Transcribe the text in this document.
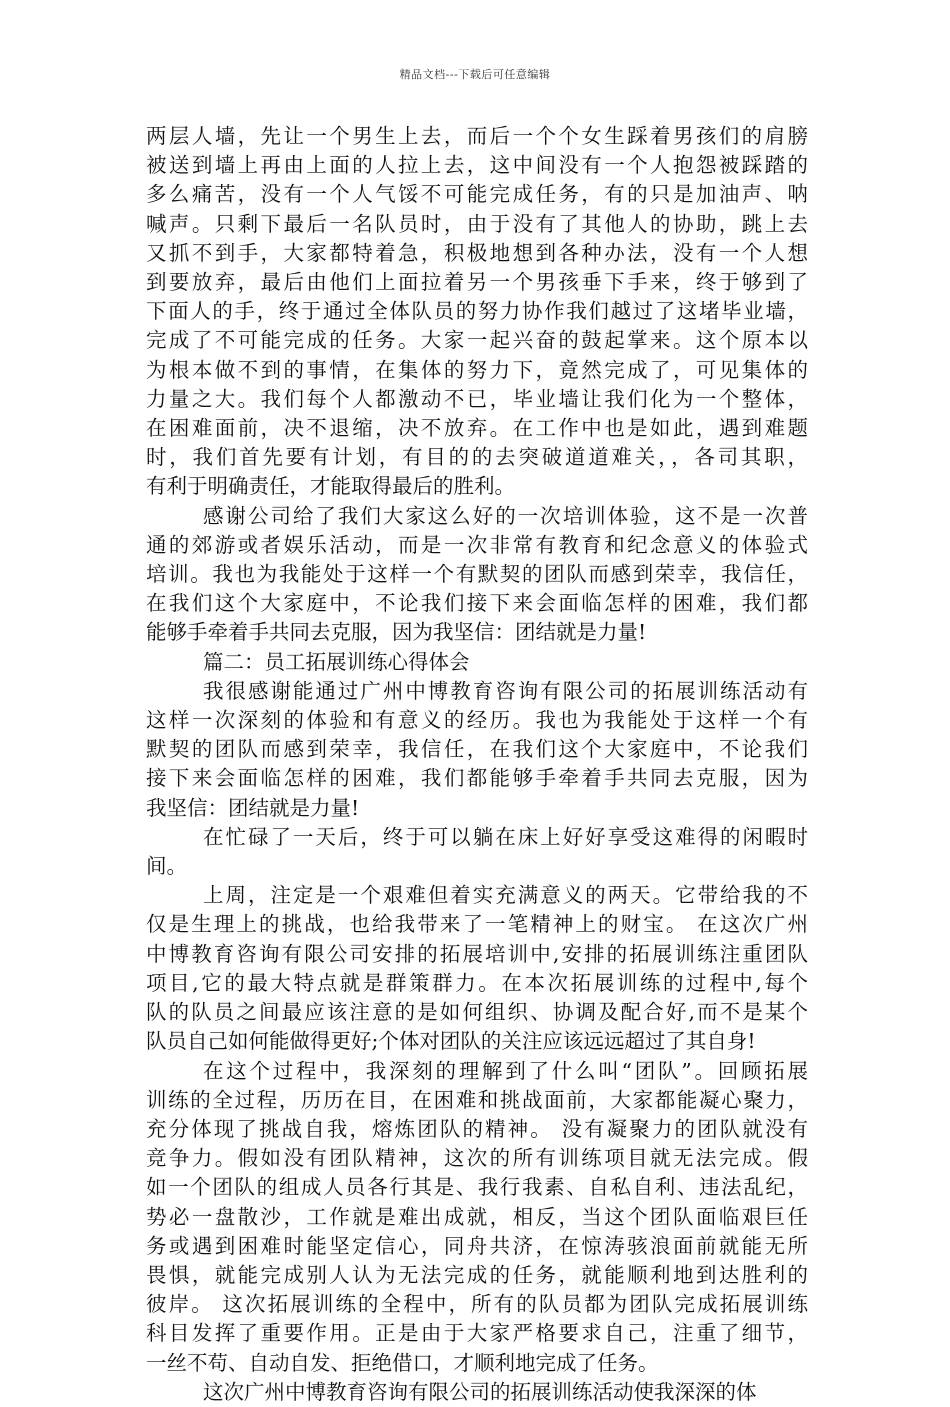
精品文档---下载后可任意编辑
两层人墙，先让一个男生上去，而后一个个女生踩着男孩们的肩膀
被送到墙上再由上面的人拉上去，这中间没有一个人抱怨被踩踏的
多么痛苦，没有一个人气馁不可能完成任务，有的只是加油声、呐
喊声。只剩下最后一名队员时，由于没有了其他人的协助，跳上去
又抓不到手，大家都特着急，积极地想到各种办法，没有一个人想
到要放弃，最后由他们上面拉着另一个男孩垂下手来，终于够到了
下面人的手，终于通过全体队员的努力协作我们越过了这堵毕业墙，
完成了不可能完成的任务。大家一起兴奋的鼓起掌来。这个原本以
为根本做不到的事情，在集体的努力下，竟然完成了，可见集体的
力量之大。我们每个人都激动不已，毕业墙让我们化为一个整体，
在困难面前，决不退缩，决不放弃。在工作中也是如此，遇到难题
时，我们首先要有计划，有目的的去突破道道难关，，各司其职，
有利于明确责任，才能取得最后的胜利。
感谢公司给了我们大家这么好的一次培训体验，这不是一次普
通的郊游或者娱乐活动，而是一次非常有教育和纪念意义的体验式
培训。我也为我能处于这样一个有默契的团队而感到荣幸，我信任，
在我们这个大家庭中，不论我们接下来会面临怎样的困难，我们都
能够手牵着手共同去克服，因为我坚信：团结就是力量!
篇二：员工拓展训练心得体会
我很感谢能通过广州中博教育咨询有限公司的拓展训练活动有
这样一次深刻的体验和有意义的经历。我也为我能处于这样一个有
默契的团队而感到荣幸，我信任，在我们这个大家庭中，不论我们
接下来会面临怎样的困难，我们都能够手牵着手共同去克服，因为
我坚信：团结就是力量!
在忙碌了一天后，终于可以躺在床上好好享受这难得的闲暇时
间。
上周，注定是一个艰难但着实充满意义的两天。它带给我的不
仅是生理上的挑战，也给我带来了一笔精神上的财宝。 在这次广州
中博教育咨询有限公司安排的拓展培训中,安排的拓展训练注重团队
项目,它的最大特点就是群策群力。在本次拓展训练的过程中,每个
队的队员之间最应该注意的是如何组织、协调及配合好,而不是某个
队员自己如何能做得更好;个体对团队的关注应该远远超过了其自身!
在这个过程中，我深刻的理解到了什么叫“团队”。回顾拓展
训练的全过程，历历在目，在困难和挑战面前，大家都能凝心聚力，
充分体现了挑战自我，熔炼团队的精神。 没有凝聚力的团队就没有
竞争力。假如没有团队精神，这次的所有训练项目就无法完成。假
如一个团队的组成人员各行其是、我行我素、自私自利、违法乱纪，
势必一盘散沙，工作就是难出成就，相反，当这个团队面临艰巨任
务或遇到困难时能坚定信心，同舟共济，在惊涛骇浪面前就能无所
畏惧，就能完成别人认为无法完成的任务，就能顺利地到达胜利的
彼岸。 这次拓展训练的全程中，所有的队员都为团队完成拓展训练
科目发挥了重要作用。正是由于大家严格要求自己，注重了细节，
一丝不苟、自动自发、拒绝借口，才顺利地完成了任务。
这次广州中博教育咨询有限公司的拓展训练活动使我深深的体
